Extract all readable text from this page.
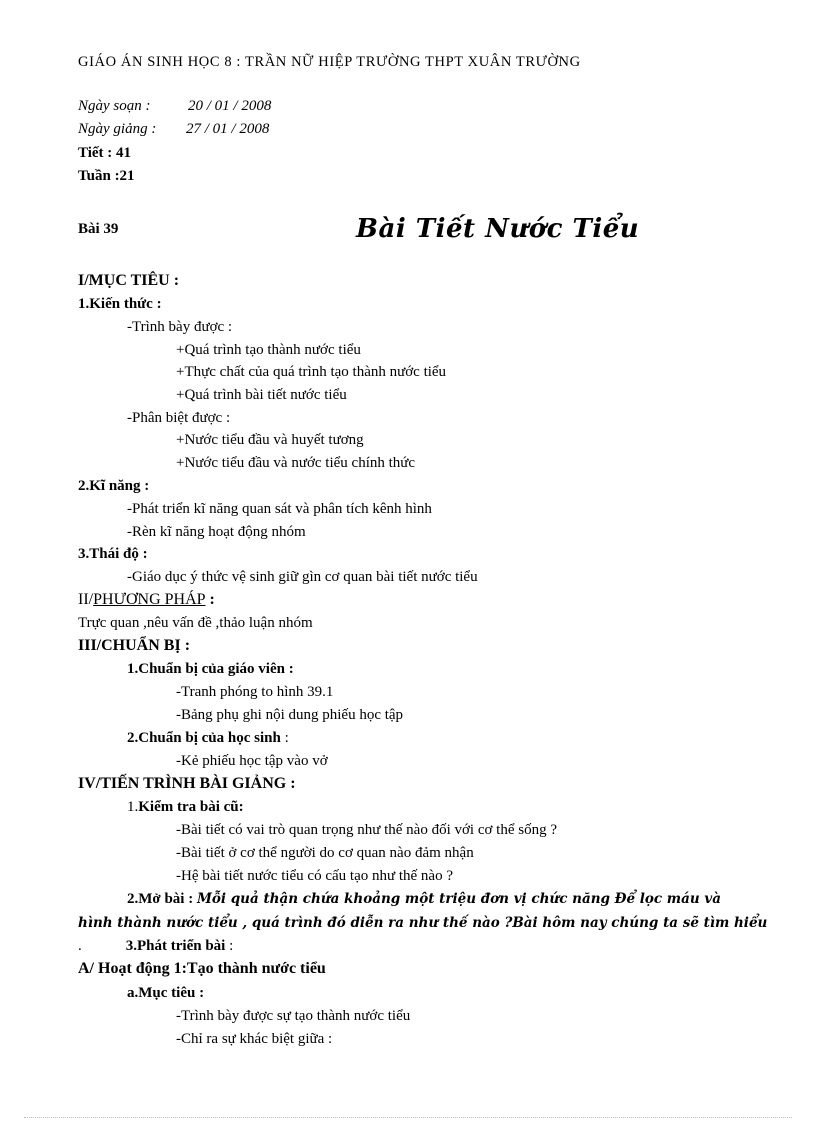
GIÁO ÁN SINH HỌC 8 : TRẦN NỮ HIỆP TRƯỜNG THPT XUÂN TRƯỜNG
Ngày soạn :	20 / 01 / 2008
Ngày giảng : 27 / 01 / 2008
Tiết : 41
Tuần :21
Bài 39	Bài Tiết Nước Tiểu
I/MỤC TIÊU :
1.Kiến thức :
-Trình bày được :
+Quá trình tạo thành nước tiểu
+Thực chất của quá trình tạo thành nước tiểu
+Quá trình bài tiết nước tiểu
-Phân biệt được :
+Nước tiểu đầu và huyết tương
+Nước tiểu đầu và nước tiểu chính thức
2.Kĩ năng :
-Phát triển kĩ năng quan sát và phân tích kênh hình
-Rèn kĩ năng hoạt động nhóm
3.Thái độ :
-Giáo dục ý thức vệ sinh giữ gìn cơ quan bài tiết nước tiểu
II/PHƯƠNG PHÁP :
Trực quan ,nêu vấn đề ,thảo luận nhóm
III/CHUẨN BỊ :
1.Chuẩn bị của giáo viên :
-Tranh phóng to hình 39.1
-Bảng phụ ghi nội dung phiếu học tập
2.Chuẩn bị của học sinh :
-Kẻ phiếu học tập vào vở
IV/TIẾN TRÌNH BÀI GIẢNG :
1.Kiểm tra bài cũ:
-Bài tiết có vai trò quan trọng như thế nào đối với cơ thể sống ?
-Bài tiết ở cơ thể người do cơ quan nào đảm nhận
-Hệ bài tiết nước tiểu có cấu tạo như thế nào ?
2.Mở bài : Mỗi quả thận chứa khoảng một triệu đơn vị chức năng Để lọc máu và
hình thành nước tiểu , quá trình đó diễn ra như thế nào ?Bài hôm nay chúng ta sẽ tìm hiểu
.	3.Phát triển bài :
A/ Hoạt động 1:Tạo thành nước tiểu
a.Mục tiêu :
-Trình bày được sự tạo thành nước tiểu
-Chỉ ra sự khác biệt giữa :
